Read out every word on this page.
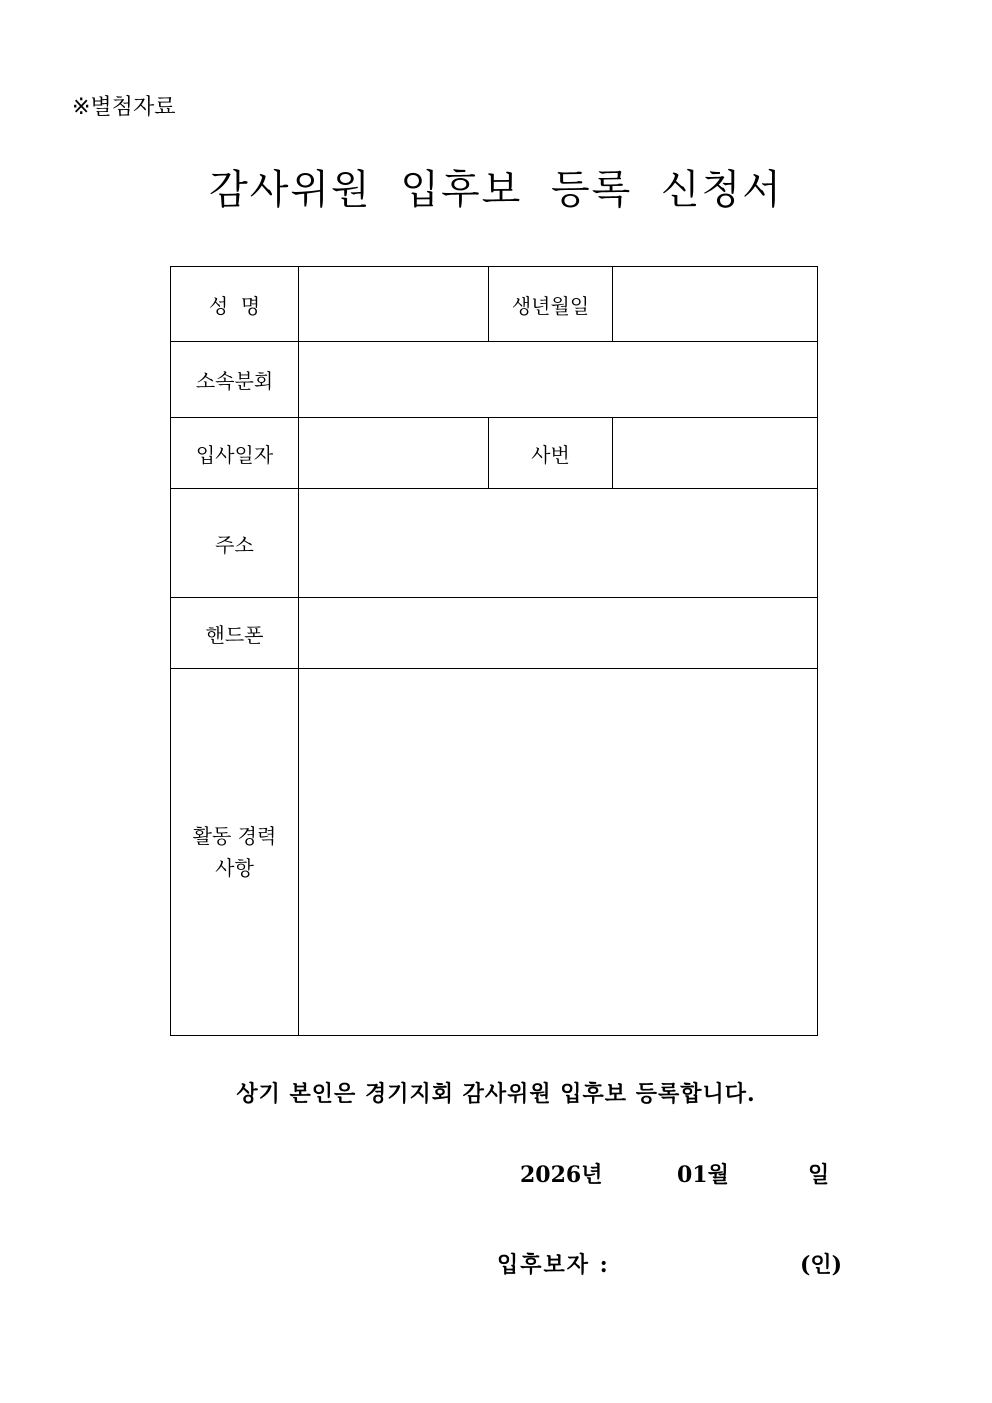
※별첨자료
감사위원 입후보 등록 신청서
성  명		생년월일	
소속분회			
입사일자		사번	
주소			
핸드폰			

활동 경력
사항			

상기 본인은 경기지회 감사위원 입후보 등록합니다.
2026년	01월	일
입후보자 :	(인)
